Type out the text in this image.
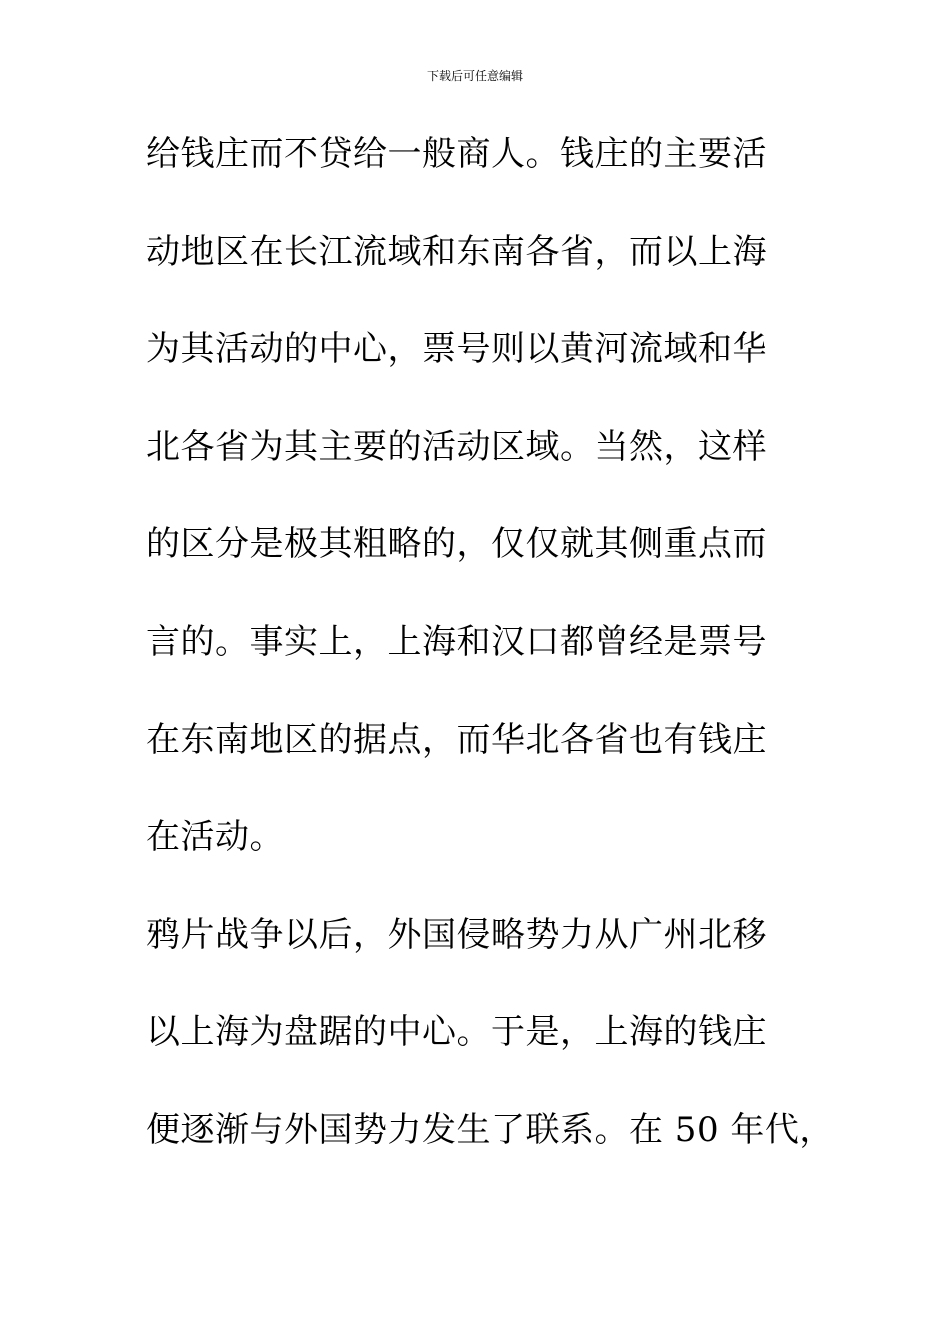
下载后可任意编辑
给钱庄而不贷给一般商人。钱庄的主要活
动地区在长江流域和东南各省，而以上海
为其活动的中心，票号则以黄河流域和华
北各省为其主要的活动区域。当然，这样
的区分是极其粗略的，仅仅就其侧重点而
言的。事实上，上海和汉口都曾经是票号
在东南地区的据点，而华北各省也有钱庄
在活动。
鸦片战争以后，外国侵略势力从广州北移
以上海为盘踞的中心。于是，上海的钱庄
便逐渐与外国势力发生了联系。在 50 年代，
